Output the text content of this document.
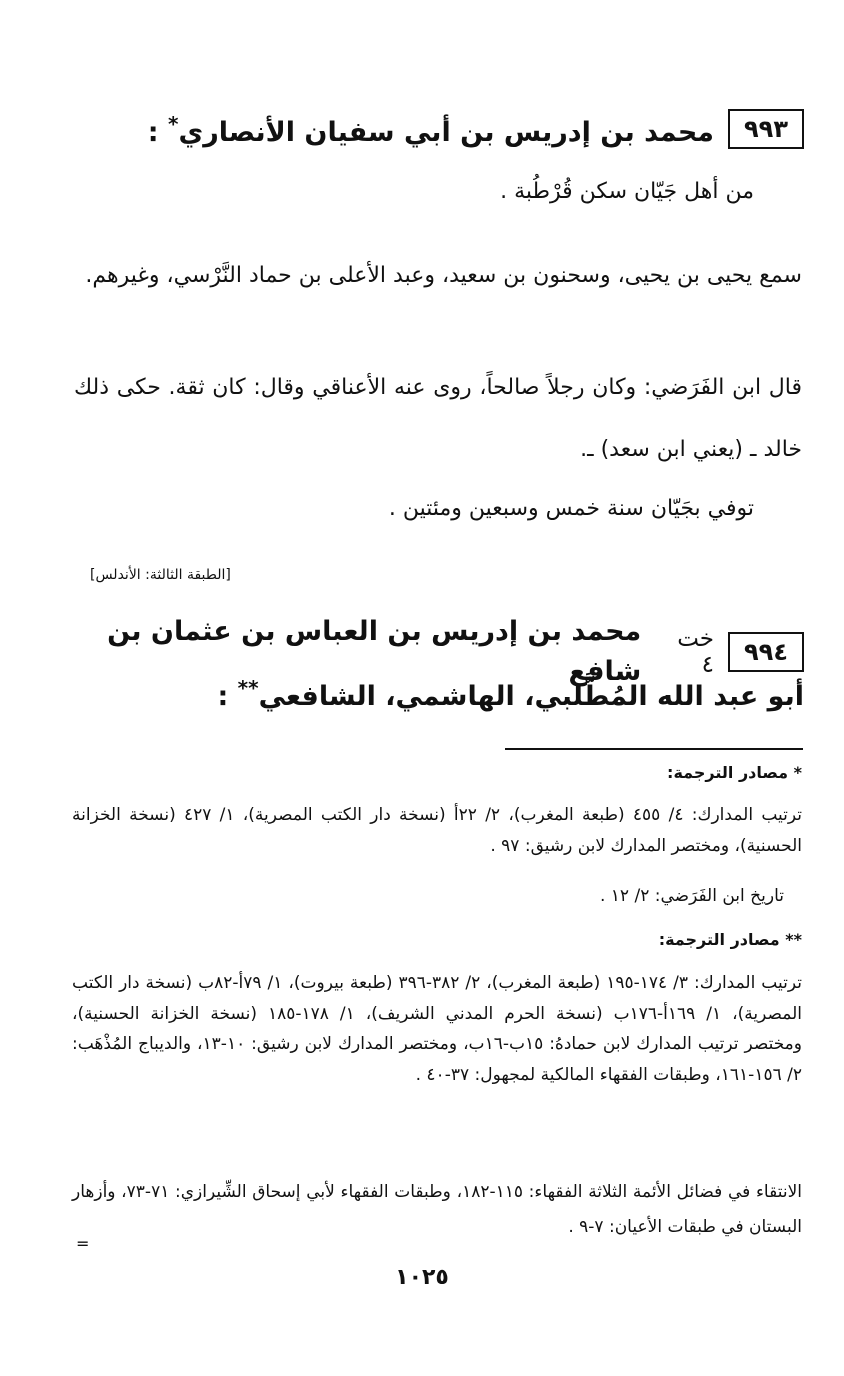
٩٩٣
محمد بن إدريس بن أبي سفيان الأنصاري* :
من أهل جَيّان سكن قُرْطُبة .
سمع يحيى بن يحيى، وسحنون بن سعيد، وعبد الأعلى بن حماد النَّرْسي، وغيرهم.
قال ابن الفَرَضي: وكان رجلاً صالحاً، روى عنه الأعناقي وقال: كان ثقة. حكى ذلك خالد ـ (يعني ابن سعد) ـ.
توفي بجَيّان سنة خمس وسبعين ومئتين .
[الطبقة الثالثة: الأندلس]
٩٩٤
خت ٤
محمد بن إدريس بن العباس بن عثمان بن شافع
أبو عبد الله المُطَّلبي، الهاشمي، الشافعي** :
* مصادر الترجمة:
ترتيب المدارك: ٤/ ٤٥٥ (طبعة المغرب)، ٢/ ٢٢أ (نسخة دار الكتب المصرية)، ١/ ٤٢٧ (نسخة الخزانة الحسنية)، ومختصر المدارك لابن رشيق: ٩٧ .
تاريخ ابن الفَرَضي: ٢/ ١٢ .
** مصادر الترجمة:
ترتيب المدارك: ٣/ ١٧٤-١٩٥ (طبعة المغرب)، ٢/ ٣٨٢-٣٩٦ (طبعة بيروت)، ١/ ٧٩أ-٨٢ب (نسخة دار الكتب المصرية)، ١/ ١٦٩أ-١٧٦ب (نسخة الحرم المدني الشريف)، ١/ ١٧٨-١٨٥ (نسخة الخزانة الحسنية)، ومختصر ترتيب المدارك لابن حمادهُ: ١٥ب-١٦ب، ومختصر المدارك لابن رشيق: ١٠-١٣، والديباج المُذْهَب: ٢/ ١٥٦-١٦١، وطبقات الفقهاء المالكية لمجهول: ٣٧-٤٠ .
الانتقاء في فضائل الأئمة الثلاثة الفقهاء: ١١٥-١٨٢، وطبقات الفقهاء لأبي إسحاق الشِّيرازي: ٧١-٧٣، وأزهار البستان في طبقات الأعيان: ٧-٩ .
=
١٠٢٥
